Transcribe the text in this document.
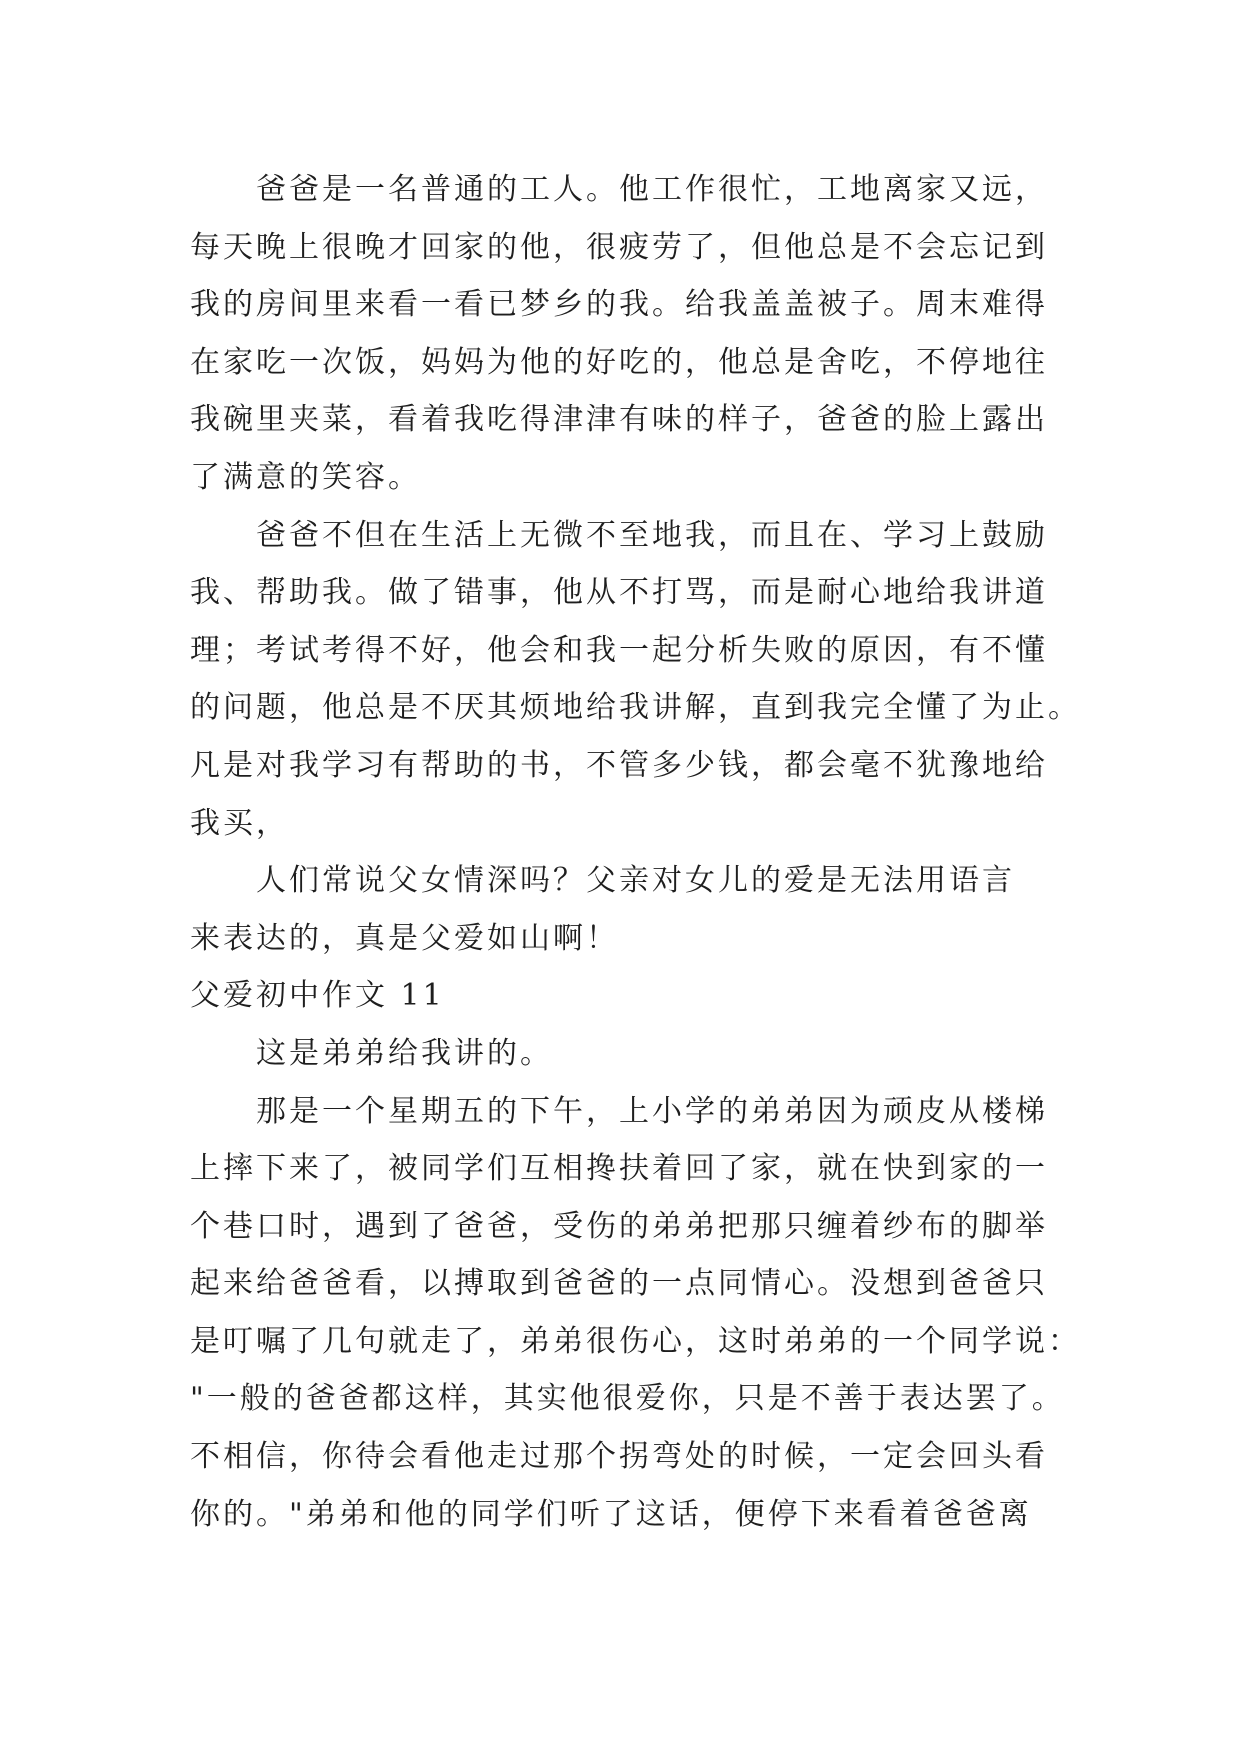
爸爸是一名普通的工人。他工作很忙，工地离家又远，
每天晚上很晚才回家的他，很疲劳了，但他总是不会忘记到
我的房间里来看一看已梦乡的我。给我盖盖被子。周末难得
在家吃一次饭，妈妈为他的好吃的，他总是舍吃，不停地往
我碗里夹菜，看着我吃得津津有味的样子，爸爸的脸上露出
了满意的笑容。
爸爸不但在生活上无微不至地我，而且在、学习上鼓励
我、帮助我。做了错事，他从不打骂，而是耐心地给我讲道
理；考试考得不好，他会和我一起分析失败的原因，有不懂
的问题，他总是不厌其烦地给我讲解，直到我完全懂了为止。
凡是对我学习有帮助的书，不管多少钱，都会毫不犹豫地给
我买，
人们常说父女情深吗？父亲对女儿的爱是无法用语言
来表达的，真是父爱如山啊！
父爱初中作文 11
这是弟弟给我讲的。
那是一个星期五的下午，上小学的弟弟因为顽皮从楼梯
上摔下来了，被同学们互相搀扶着回了家，就在快到家的一
个巷口时，遇到了爸爸，受伤的弟弟把那只缠着纱布的脚举
起来给爸爸看，以搏取到爸爸的一点同情心。没想到爸爸只
是叮嘱了几句就走了，弟弟很伤心，这时弟弟的一个同学说：
"一般的爸爸都这样，其实他很爱你，只是不善于表达罢了。
不相信，你待会看他走过那个拐弯处的时候，一定会回头看
你的。"弟弟和他的同学们听了这话，便停下来看着爸爸离
